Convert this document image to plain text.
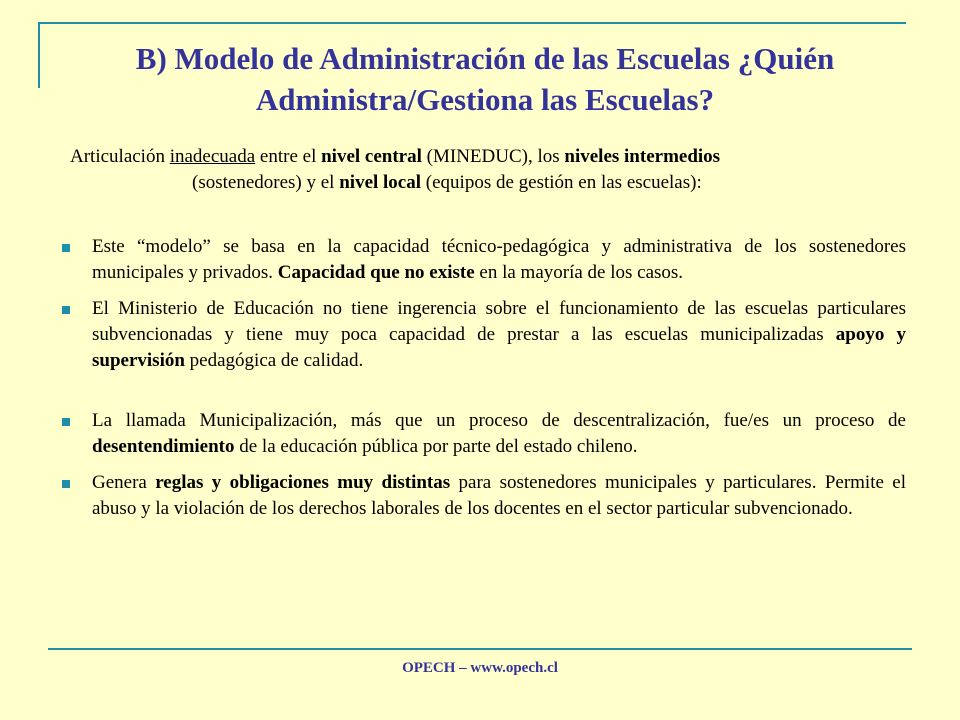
B) Modelo de Administración de las Escuelas ¿Quién
Administra/Gestiona las Escuelas?

Articulación inadecuada entre el nivel central (MINEDUC), los niveles intermedios
(sostenedores) y el nivel local (equipos de gestión en las escuelas):

Este “modelo” se basa en la capacidad técnico-pedagógica y administrativa de los sostenedores municipales y privados. Capacidad que no existe en la mayoría de los casos.
El Ministerio de Educación no tiene ingerencia sobre el funcionamiento de las escuelas particulares subvencionadas y tiene muy poca capacidad de prestar a las escuelas municipalizadas apoyo y supervisión pedagógica de calidad.
La llamada Municipalización, más que un proceso de descentralización, fue/es un proceso de desentendimiento de la educación pública por parte del estado chileno.
Genera reglas y obligaciones muy distintas para sostenedores municipales y particulares. Permite el abuso y la violación de los derechos laborales de los docentes en el sector particular subvencionado.
OPECH – www.opech.cl
